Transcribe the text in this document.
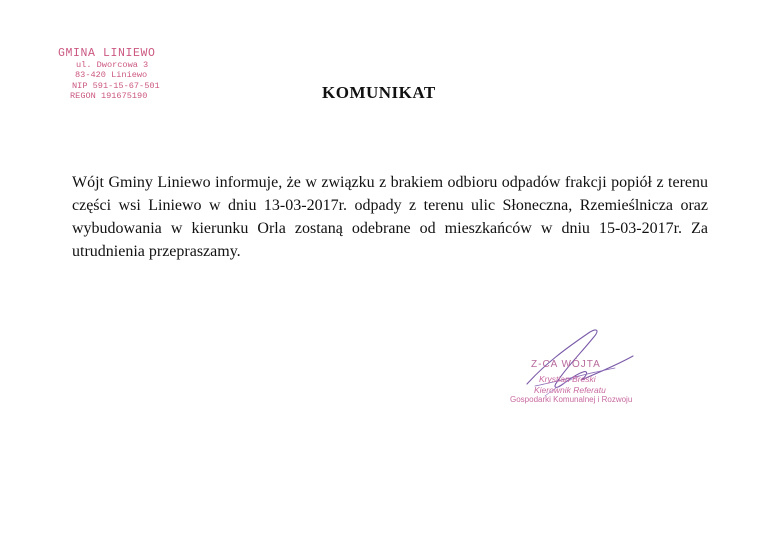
GMINA LINIEWO
ul. Dworcowa 3
83-420 Liniewo
NIP 591-15-67-501
REGON 191675190	KOMUNIKAT

Wójt Gminy Liniewo informuje, że w związku z brakiem odbioru odpadów frakcji popiół z terenu części wsi Liniewo w dniu 13-03-2017r. odpady z terenu ulic Słoneczna, Rzemieślnicza oraz wybudowania w kierunku Orla zostaną odebrane od mieszkańców w dniu 15-03-2017r. Za utrudnienia przepraszamy.

Z-CA WÓJTA
Krystian Breski
Kierownik Referatu
Gospodarki Komunalnej i Rozwoju
